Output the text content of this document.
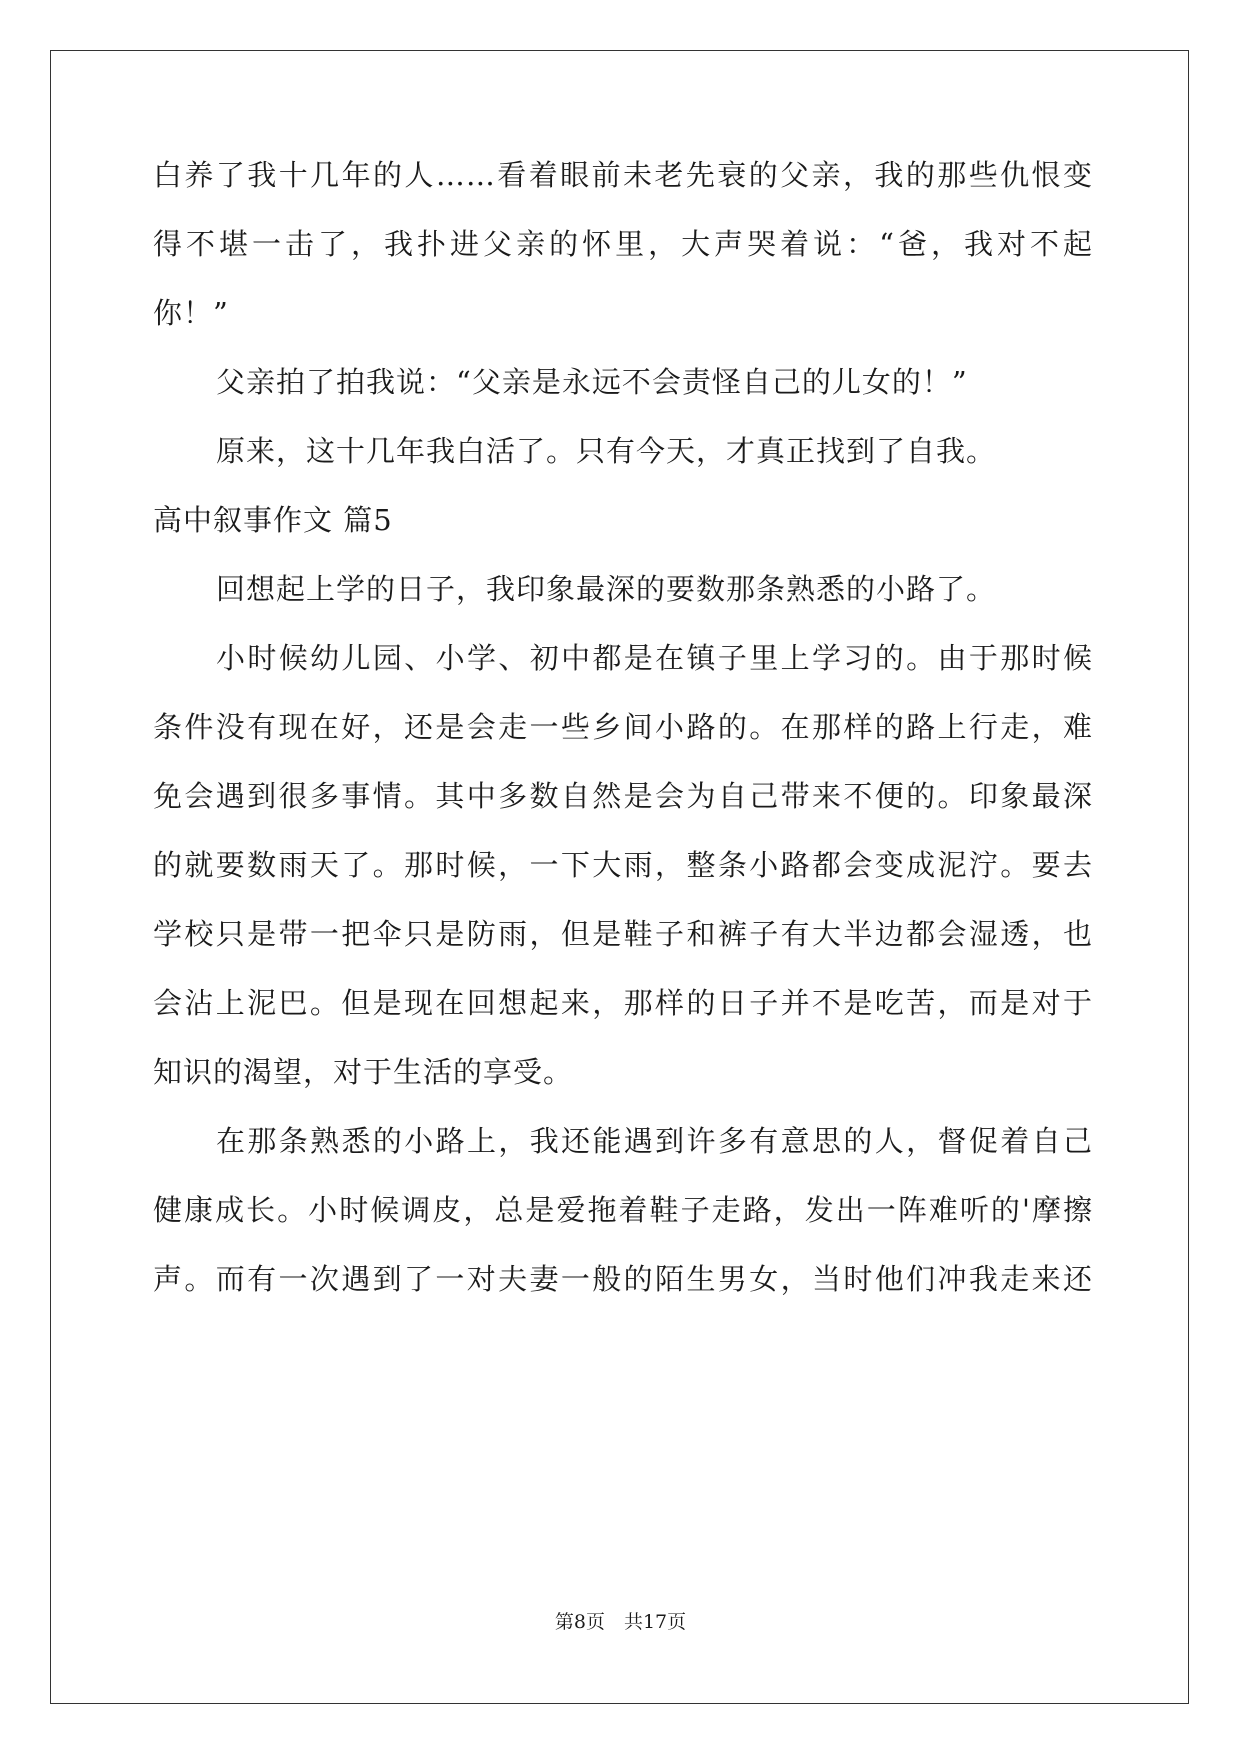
白养了我十几年的人……看着眼前未老先衰的父亲，我的那些仇恨变
得不堪一击了，我扑进父亲的怀里，大声哭着说：“爸，我对不起
你！”
父亲拍了拍我说：“父亲是永远不会责怪自己的儿女的！”
原来，这十几年我白活了。只有今天，才真正找到了自我。
高中叙事作文 篇5
回想起上学的日子，我印象最深的要数那条熟悉的小路了。
小时候幼儿园、小学、初中都是在镇子里上学习的。由于那时候
条件没有现在好，还是会走一些乡间小路的。在那样的路上行走，难
免会遇到很多事情。其中多数自然是会为自己带来不便的。印象最深
的就要数雨天了。那时候，一下大雨，整条小路都会变成泥泞。要去
学校只是带一把伞只是防雨，但是鞋子和裤子有大半边都会湿透，也
会沾上泥巴。但是现在回想起来，那样的日子并不是吃苦，而是对于
知识的渴望，对于生活的享受。
在那条熟悉的小路上，我还能遇到许多有意思的人，督促着自己
健康成长。小时候调皮，总是爱拖着鞋子走路，发出一阵难听的'摩擦
声。而有一次遇到了一对夫妻一般的陌生男女，当时他们冲我走来还
第8页　共17页
